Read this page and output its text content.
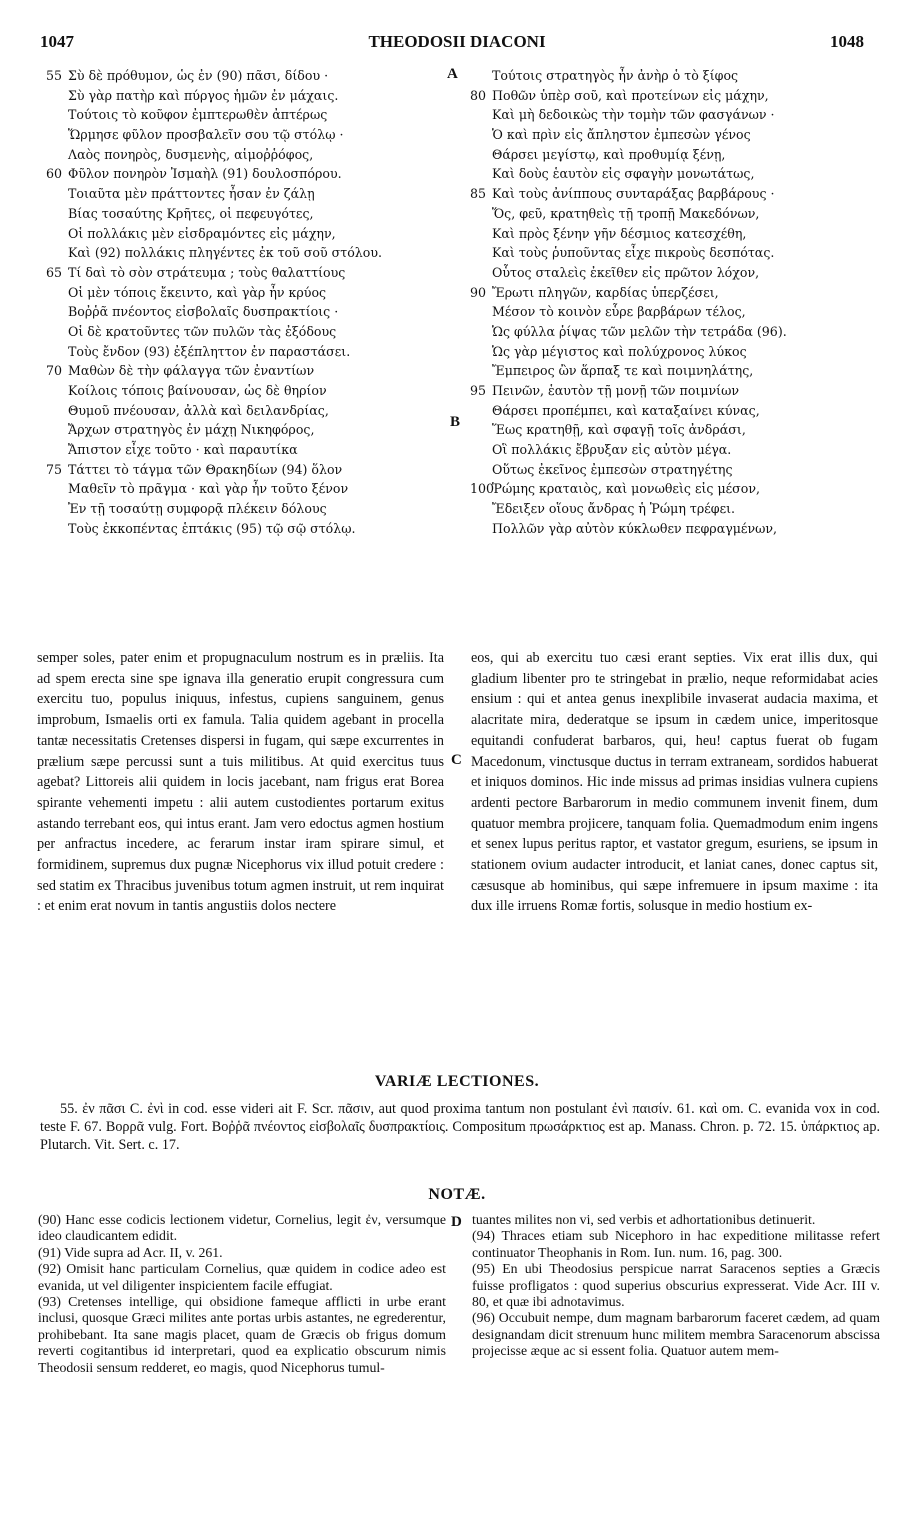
1047	THEODOSII DIACONI	1048
A
B
C
D
55 Σὺ δὲ πρόθυμον, ὡς ἐν (90) πᾶσι, δίδου ·
Σὺ γὰρ πατὴρ καὶ πύργος ἡμῶν ἐν μάχαις.
Τούτοις τὸ κοῦφον ἐμπτερωθὲν ἀπτέρως
Ὥρμησε φῦλον προσβαλεῖν σου τῷ στόλῳ ·
Λαὸς πονηρὸς, δυσμενὴς, αἱμοῤῥόφος,
60 Φῦλον πονηρὸν Ἰσμαὴλ (91) δουλοσπόρου.
Τοιαῦτα μὲν πράττοντες ἦσαν ἐν ζάλῃ
Βίας τοσαύτης Κρῆτες, οἱ πεφευγότες,
Οἱ πολλάκις μὲν εἰσδραμόντες εἰς μάχην,
Καὶ (92) πολλάκις πληγέντες ἐκ τοῦ σοῦ στόλου.
65 Τί δαὶ τὸ σὸν στράτευμα ; τοὺς θαλαττίους
Οἱ μὲν τόποις ἔκειντο, καὶ γὰρ ἦν κρύος
Βοῤῥᾶ πνέοντος εἰσβολαῖς δυσπρακτίοις ·
Οἱ δὲ κρατοῦντες τῶν πυλῶν τὰς ἐξόδους
Τοὺς ἔνδον (93) ἐξέπληττον ἐν παραστάσει.
70 Μαθὼν δὲ τὴν φάλαγγα τῶν ἐναντίων
Κοίλοις τόποις βαίνουσαν, ὡς δὲ θηρίον
Θυμοῦ πνέουσαν, ἀλλὰ καὶ δειλανδρίας,
Ἄρχων στρατηγὸς ἐν μάχῃ Νικηφόρος,
Ἄπιστον εἶχε τοῦτο · καὶ παραυτίκα
75 Τάττει τὸ τάγμα τῶν Θρακηδίων (94) ὅλον
Μαθεῖν τὸ πρᾶγμα · καὶ γὰρ ἦν τοῦτο ξένον
Ἐν τῇ τοσαύτῃ συμφορᾷ πλέκειν δόλους
Τοὺς ἐκκοπέντας ἑπτάκις (95) τῷ σῷ στόλῳ.
Τούτοις στρατηγὸς ἦν ἀνὴρ ὁ τὸ ξίφος
80 Ποθῶν ὑπὲρ σοῦ, καὶ προτείνων εἰς μάχην,
Καὶ μὴ δεδοικὼς τὴν τομὴν τῶν φασγάνων ·
Ὁ καὶ πρὶν εἰς ἄπληστον ἐμπεσὼν γένος
Θάρσει μεγίστῳ, καὶ προθυμίᾳ ξένῃ,
Καὶ δοὺς ἑαυτὸν εἰς σφαγὴν μονωτάτως,
85 Καὶ τοὺς ἀνίππους συνταράξας βαρβάρους ·
Ὅς, φεῦ, κρατηθεὶς τῇ τροπῇ Μακεδόνων,
Καὶ πρὸς ξένην γῆν δέσμιος κατεσχέθη,
Καὶ τοὺς ῥυποῦντας εἶχε πικροὺς δεσπότας.
Οὗτος σταλεὶς ἐκεῖθεν εἰς πρῶτον λόχον,
90 Ἔρωτι πληγῶν, καρδίας ὑπερζέσει,
Μέσον τὸ κοινὸν εὗρε βαρβάρων τέλος,
Ὡς φύλλα ῥίψας τῶν μελῶν τὴν τετράδα (96).
Ὡς γὰρ μέγιστος καὶ πολύχρονος λύκος
Ἔμπειρος ὢν ἅρπαξ τε καὶ ποιμνηλάτης,
95 Πεινῶν, ἑαυτὸν τῇ μονῇ τῶν ποιμνίων
Θάρσει προπέμπει, καὶ καταξαίνει κύνας,
Ἕως κρατηθῇ, καὶ σφαγῇ τοῖς ἀνδράσι,
Οἳ πολλάκις ἔβρυξαν εἰς αὐτὸν μέγα.
Οὕτως ἐκεῖνος ἐμπεσὼν στρατηγέτης
100Ῥώμης κραταιὸς, καὶ μονωθεὶς εἰς μέσον,
Ἔδειξεν οἵους ἄνδρας ἡ Ῥώμη τρέφει.
Πολλῶν γὰρ αὐτὸν κύκλωθεν πεφραγμένων,

semper soles, pater enim et propugnaculum nostrum es in præliis. Ita ad spem erecta sine spe ignava illa generatio erupit congressura cum exercitu tuo, populus iniquus, infestus, cupiens sanguinem, genus improbum, Ismaelis orti ex famula. Talia quidem agebant in procella tantæ necessitatis Cretenses dispersi in fugam, qui sæpe excurrentes in prælium sæpe percussi sunt a tuis militibus. At quid exercitus tuus agebat? Littoreis alii quidem in locis jacebant, nam frigus erat Borea spirante vehementi impetu : alii autem custodientes portarum exitus astando terrebant eos, qui intus erant. Jam vero edoctus agmen hostium per anfractus incedere, ac ferarum instar iram spirare simul, et formidinem, supremus dux pugnæ Nicephorus vix illud potuit credere : sed statim ex Thracibus juvenibus totum agmen instruit, ut rem inquirat : et enim erat novum in tantis angustiis dolos nectere

eos, qui ab exercitu tuo cæsi erant septies. Vix erat illis dux, qui gladium libenter pro te stringebat in prælio, neque reformidabat acies ensium : qui et antea genus inexplibile invaserat audacia maxima, et alacritate mira, dederatque se ipsum in cædem unice, imperitosque equitandi confuderat barbaros, qui, heu! captus fuerat ob fugam Macedonum, vinctusque ductus in terram extraneam, sordidos habuerat et iniquos dominos. Hic inde missus ad primas insidias vulnera cupiens ardenti pectore Barbarorum in medio communem invenit finem, dum quatuor membra projicere, tanquam folia. Quemadmodum enim ingens et senex lupus peritus raptor, et vastator gregum, esuriens, se ipsum in stationem ovium audacter introducit, et laniat canes, donec captus sit, cæsusque ab hominibus, qui sæpe infremuere in ipsum maxime : ita dux ille irruens Romæ fortis, solusque in medio hostium ex-

VARIÆ LECTIONES.
55. ἐν πᾶσι C. ἐνὶ in cod. esse videri ait F. Scr. πᾶσιν, aut quod proxima tantum non postulant ἐνὶ παισίν. 61. καὶ om. C. evanida vox in cod. teste F. 67. Βορρᾶ vulg. Fort. Βοῤῥᾶ πνέοντος εἰσβολαῖς δυσπρακτίοις. Compositum πρωσάρκτιος est ap. Manass. Chron. p. 72. 15. ὑπάρκτιος ap. Plutarch. Vit. Sert. c. 17.
NOTÆ.

(90) Hanc esse codicis lectionem videtur, Cornelius, legit ἐν, versumque ideo claudicantem edidit.

(91) Vide supra ad Acr. II, v. 261.

(92) Omisit hanc particulam Cornelius, quæ quidem in codice adeo est evanida, ut vel diligenter inspicientem facile effugiat.

(93) Cretenses intellige, qui obsidione fameque afflicti in urbe erant inclusi, quosque Græci milites ante portas urbis astantes, ne egrederentur, prohibebant. Ita sane magis placet, quam de Græcis ob frigus domum reverti cogitantibus id interpretari, quod ea explicatio obscurum nimis Theodosii sensum redderet, eo magis, quod Nicephorus tumul-

tuantes milites non vi, sed verbis et adhortationibus detinuerit.

(94) Thraces etiam sub Nicephoro in hac expeditione militasse refert continuator Theophanis in Rom. Iun. num. 16, pag. 300.

(95) En ubi Theodosius perspicue narrat Saracenos septies a Græcis fuisse profligatos : quod superius obscurius expresserat. Vide Acr. III v. 80, et quæ ibi adnotavimus.

(96) Occubuit nempe, dum magnam barbarorum faceret cædem, ad quam designandam dicit strenuum hunc militem membra Saracenorum abscissa projecisse æque ac si essent folia. Quatuor autem mem-
